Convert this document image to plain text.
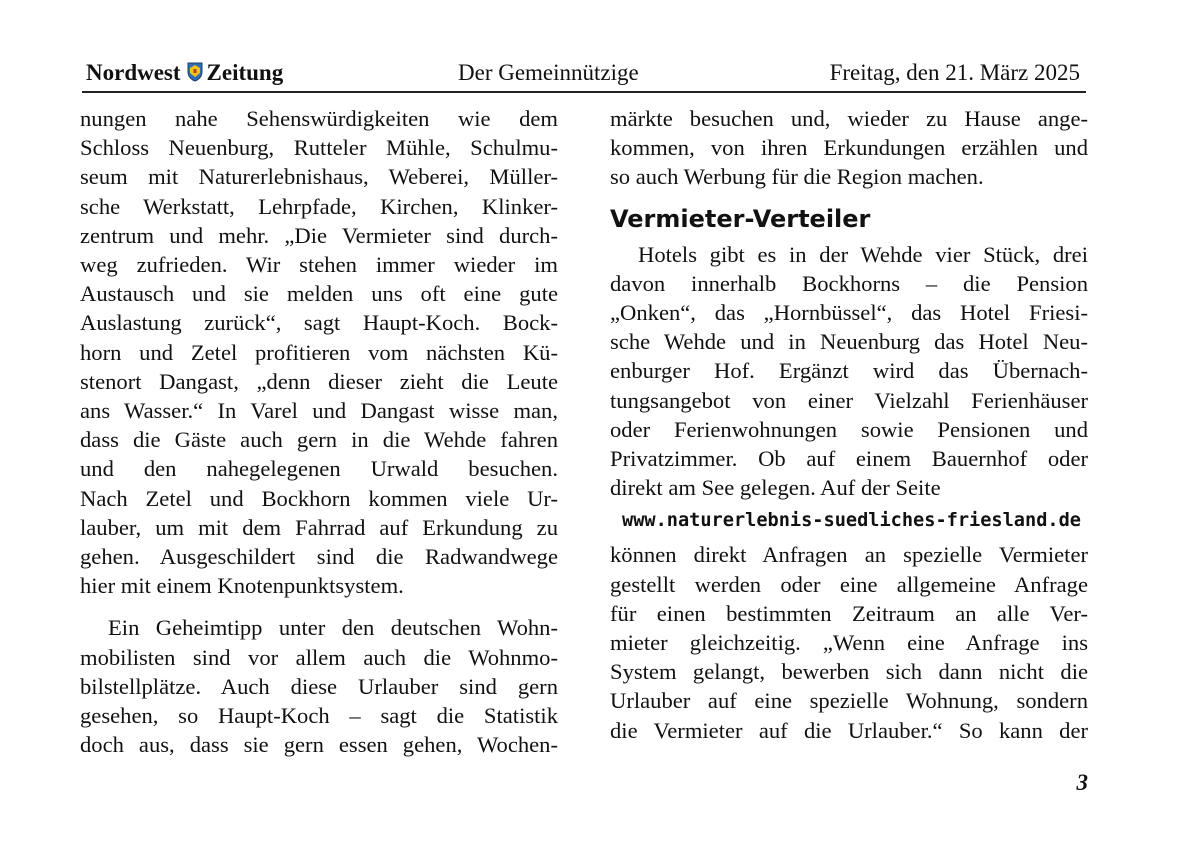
Nordwest Zeitung	Der Gemeinnützige	Freitag, den 21. März 2025
nungen nahe Sehenswürdigkeiten wie dem
Schloss Neuenburg, Rutteler Mühle, Schulmu-
seum mit Naturerlebnishaus, Weberei, Müller-
sche Werkstatt, Lehrpfade, Kirchen, Klinker-
zentrum und mehr. „Die Vermieter sind durch-
weg zufrieden. Wir stehen immer wieder im
Austausch und sie melden uns oft eine gute
Auslastung zurück“, sagt Haupt-Koch. Bock-
horn und Zetel profitieren vom nächsten Kü-
stenort Dangast, „denn dieser zieht die Leute
ans Wasser.“ In Varel und Dangast wisse man,
dass die Gäste auch gern in die Wehde fahren
und den nahegelegenen Urwald besuchen.
Nach Zetel und Bockhorn kommen viele Ur-
lauber, um mit dem Fahrrad auf Erkundung zu
gehen. Ausgeschildert sind die Radwandwege
hier mit einem Knotenpunktsystem.
Ein Geheimtipp unter den deutschen Wohn-
mobilisten sind vor allem auch die Wohnmo-
bilstellplätze. Auch diese Urlauber sind gern
gesehen, so Haupt-Koch – sagt die Statistik
doch aus, dass sie gern essen gehen, Wochen-
märkte besuchen und, wieder zu Hause ange-
kommen, von ihren Erkundungen erzählen und
so auch Werbung für die Region machen.
Vermieter-Verteiler
Hotels gibt es in der Wehde vier Stück, drei
davon innerhalb Bockhorns – die Pension
„Onken“, das „Hornbüssel“, das Hotel Friesi-
sche Wehde und in Neuenburg das Hotel Neu-
enburger Hof. Ergänzt wird das Übernach-
tungsangebot von einer Vielzahl Ferienhäuser
oder Ferienwohnungen sowie Pensionen und
Privatzimmer. Ob auf einem Bauernhof oder
direkt am See gelegen. Auf der Seite
www.naturerlebnis-suedliches-friesland.de
können direkt Anfragen an spezielle Vermieter
gestellt werden oder eine allgemeine Anfrage
für einen bestimmten Zeitraum an alle Ver-
mieter gleichzeitig. „Wenn eine Anfrage ins
System gelangt, bewerben sich dann nicht die
Urlauber auf eine spezielle Wohnung, sondern
die Vermieter auf die Urlauber.“ So kann der
3
